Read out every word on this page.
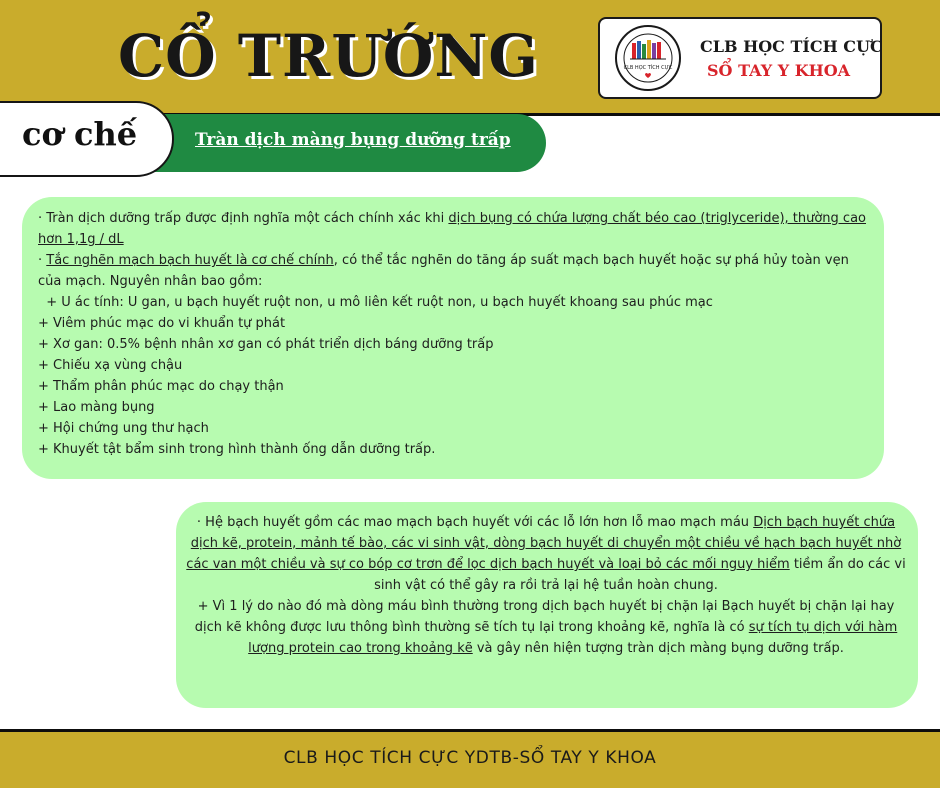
CỔ TRƯỚNG	CLB HỌC TÍCH CỰC
CLB HỌC TÍCH CỰC
SỔ TAY Y KHOA
Tràn dịch màng bụng dưỡng trấp
cơ chế

· Tràn dịch dưỡng trấp được định nghĩa một cách chính xác khi dịch bụng có chứa lượng chất béo cao (triglyceride), thường cao hơn 1,1g / dL

· Tắc nghẽn mạch bạch huyết là cơ chế chính, có thể tắc nghẽn do tăng áp suất mạch bạch huyết hoặc sự phá hủy toàn vẹn của mạch. Nguyên nhân bao gồm:

+ U ác tính: U gan, u bạch huyết ruột non, u mô liên kết ruột non, u bạch huyết khoang sau phúc mạc

+ Viêm phúc mạc do vi khuẩn tự phát

+ Xơ gan: 0.5% bệnh nhân xơ gan có phát triển dịch báng dưỡng trấp

+ Chiếu xạ vùng chậu

+ Thẩm phân phúc mạc do chạy thận

+ Lao màng bụng

+ Hội chứng ung thư hạch

+ Khuyết tật bẩm sinh trong hình thành ống dẫn dưỡng trấp.

· Hệ bạch huyết gồm các mao mạch bạch huyết với các lỗ lớn hơn lỗ mao mạch máu Dịch bạch huyết chứa dịch kẽ, protein, mảnh tế bào, các vi sinh vật, dòng bạch huyết di chuyển một chiều về hạch bạch huyết nhờ các van một chiều và sự co bóp cơ trơn để lọc dịch bạch huyết và loại bỏ các mối nguy hiểm tiềm ẩn do các vi sinh vật có thể gây ra rồi trả lại hệ tuần hoàn chung.

+ Vì 1 lý do nào đó mà dòng máu bình thường trong dịch bạch huyết bị chặn lại Bạch huyết bị chặn lại hay dịch kẽ không được lưu thông bình thường sẽ tích tụ lại trong khoảng kẽ, nghĩa là có sự tích tụ dịch với hàm lượng protein cao trong khoảng kẽ và gây nên hiện tượng tràn dịch màng bụng dưỡng trấp.

CLB HỌC TÍCH CỰC YDTB-SỔ TAY Y KHOA
